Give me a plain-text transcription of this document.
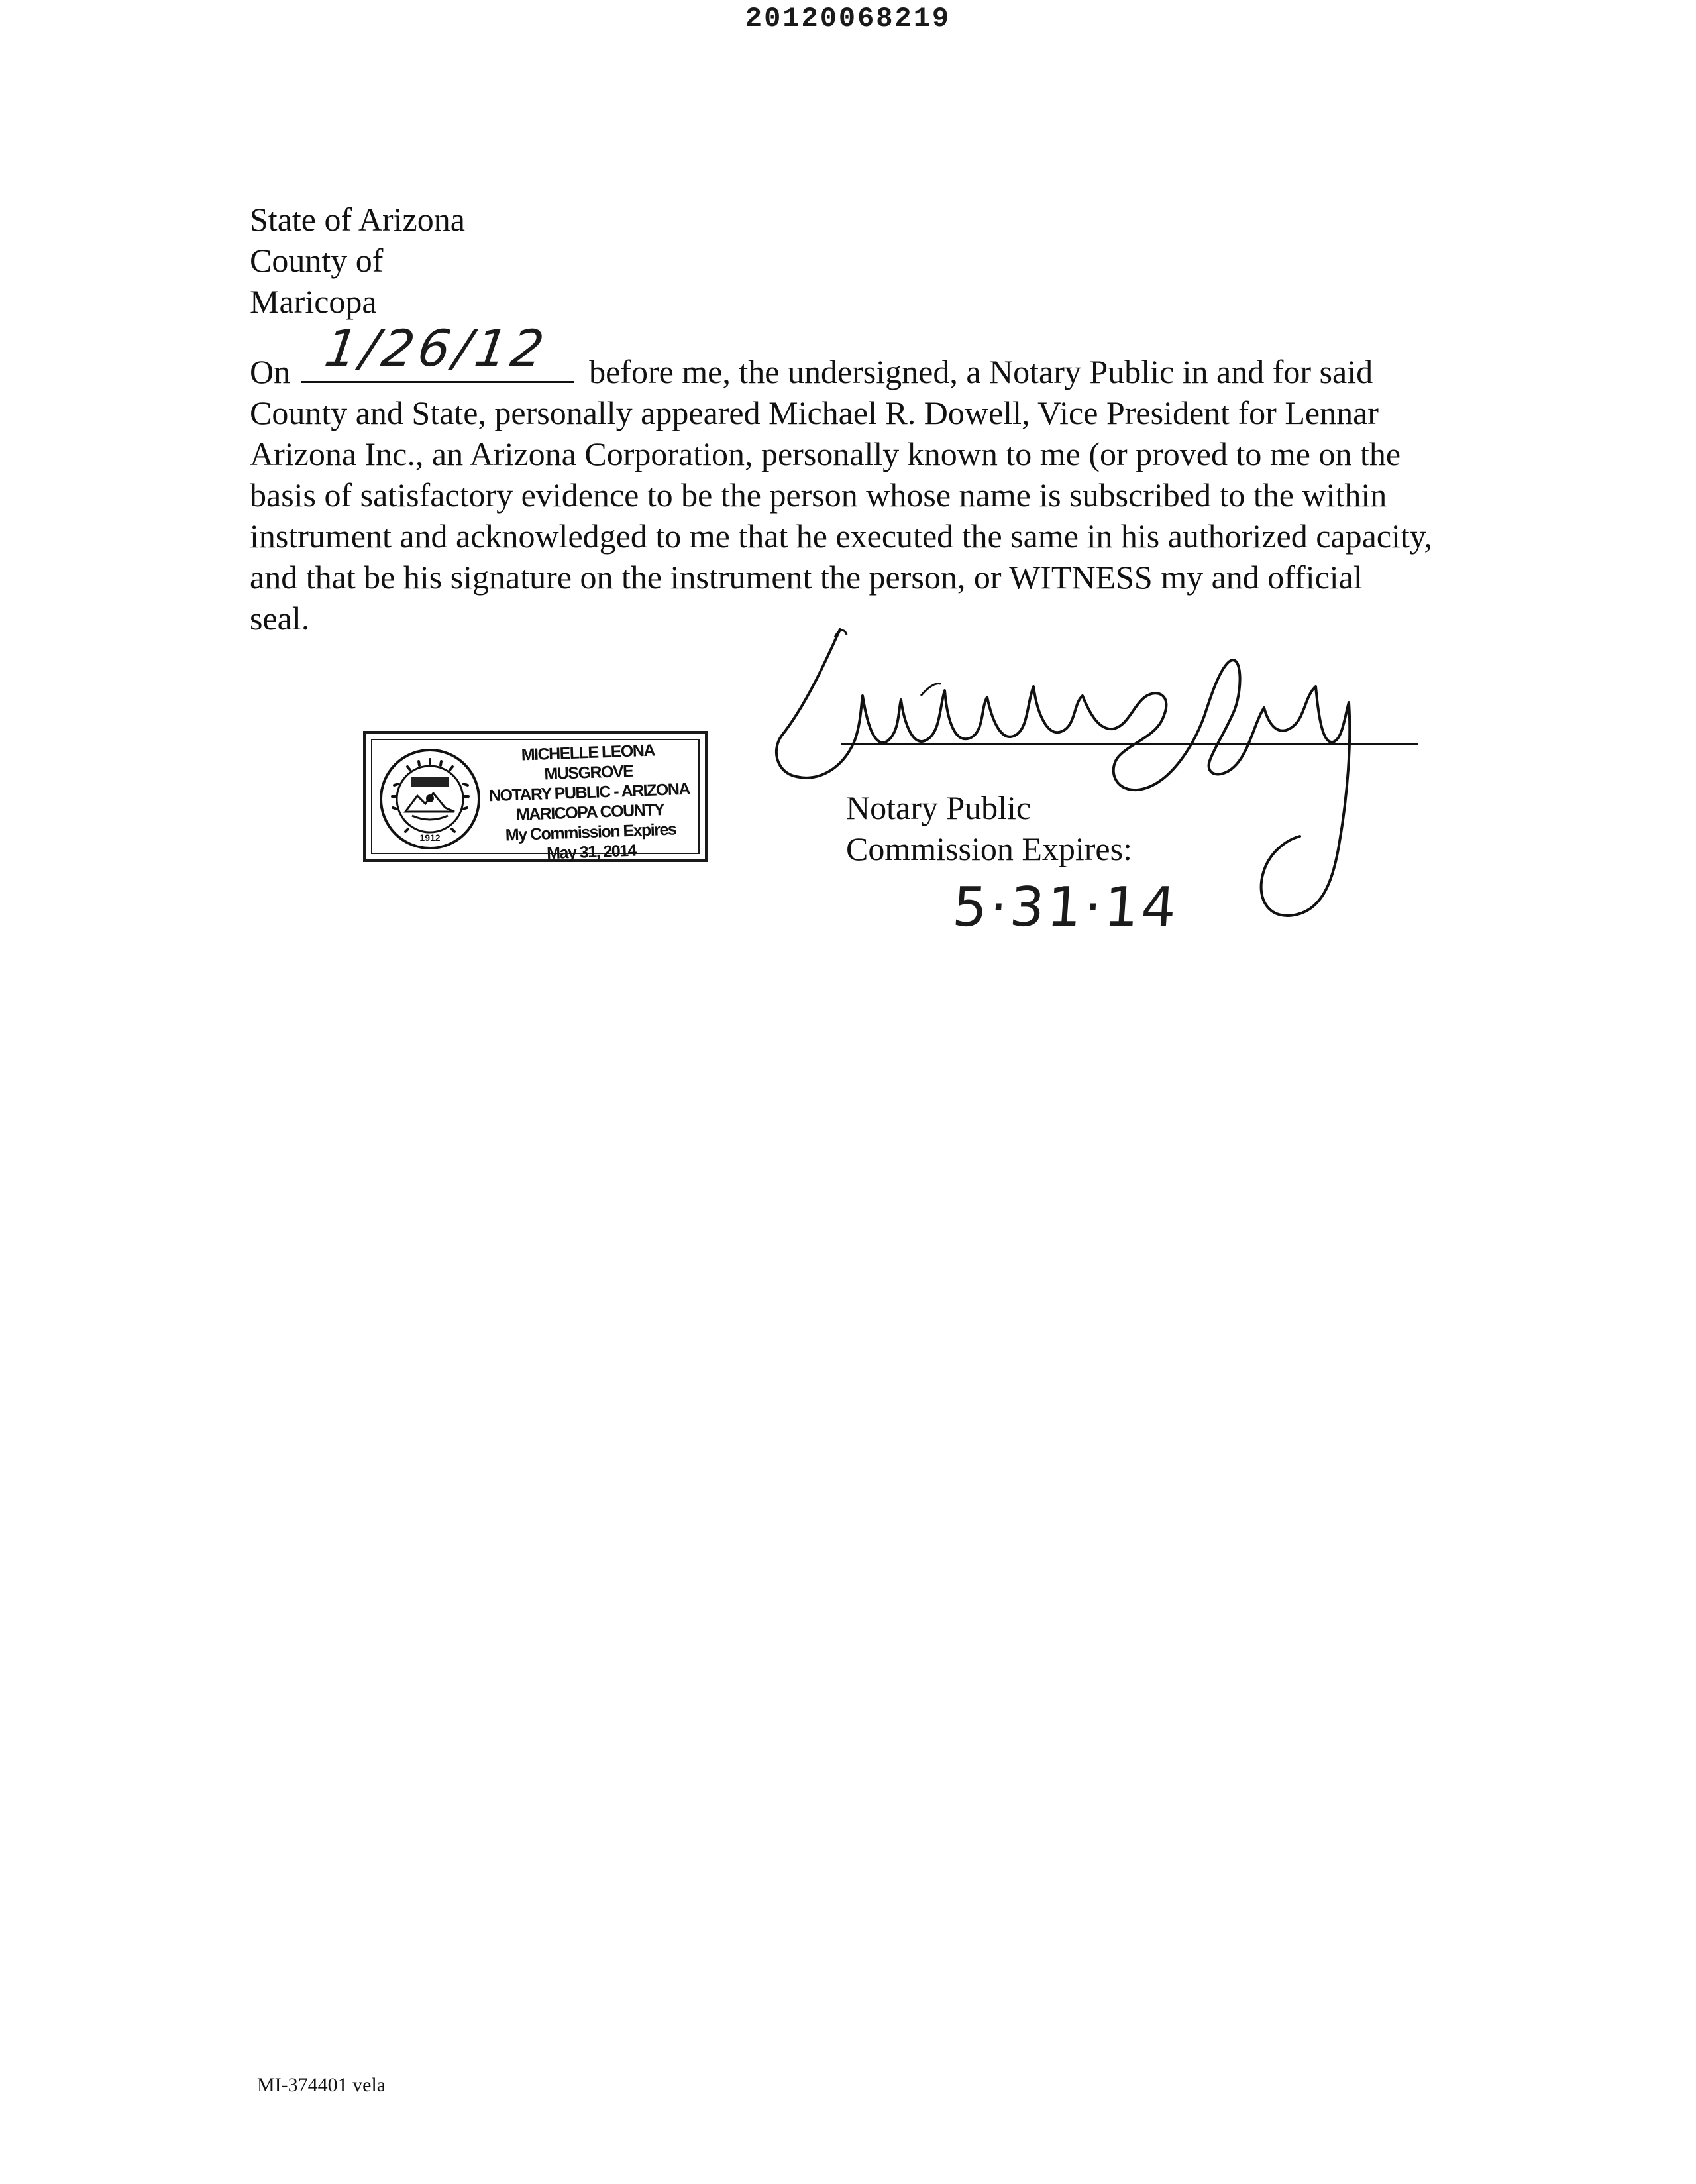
20120068219
State of Arizona
County of
Maricopa
On 1/26/12 before me, the undersigned, a Notary Public in and for said
County and State, personally appeared Michael R. Dowell, Vice President for Lennar
Arizona Inc., an Arizona Corporation, personally known to me (or proved to me on the
basis of satisfactory evidence to be the person whose name is subscribed to the within
instrument and acknowledged to me that he executed the same in his authorized capacity,
and that be his signature on the instrument the person, or WITNESS my and official
seal.
1912
MICHELLE LEONA MUSGROVE
NOTARY PUBLIC - ARIZONA
MARICOPA COUNTY
My Commission Expires
May 31, 2014
Notary Public
Commission Expires:
5·31·14
MI-374401 vela
